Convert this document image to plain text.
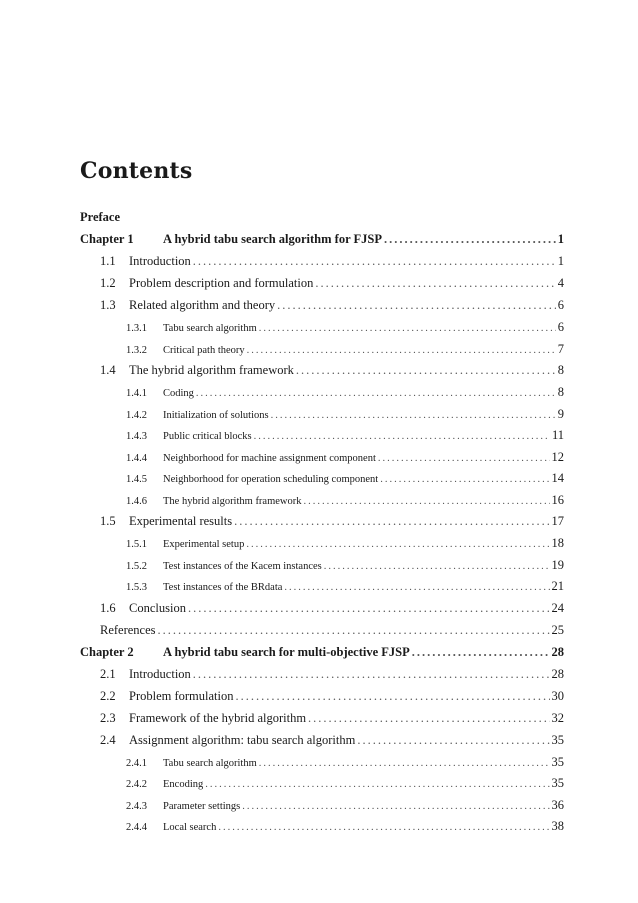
Contents
Preface
Chapter 1	A hybrid tabu search algorithm for FJSP .....	1
1.1	Introduction .....	1
1.2	Problem description and formulation .....	4
1.3	Related algorithm and theory .....	6
1.3.1	Tabu search algorithm .....	6
1.3.2	Critical path theory .....	7
1.4	The hybrid algorithm framework .....	8
1.4.1	Coding .....	8
1.4.2	Initialization of solutions .....	9
1.4.3	Public critical blocks .....	11
1.4.4	Neighborhood for machine assignment component .....	12
1.4.5	Neighborhood for operation scheduling component .....	14
1.4.6	The hybrid algorithm framework .....	16
1.5	Experimental results .....	17
1.5.1	Experimental setup .....	18
1.5.2	Test instances of the Kacem instances .....	19
1.5.3	Test instances of the BRdata .....	21
1.6	Conclusion .....	24
References .....	25
Chapter 2	A hybrid tabu search for multi-objective FJSP .....	28
2.1	Introduction .....	28
2.2	Problem formulation .....	30
2.3	Framework of the hybrid algorithm .....	32
2.4	Assignment algorithm: tabu search algorithm .....	35
2.4.1	Tabu search algorithm .....	35
2.4.2	Encoding .....	35
2.4.3	Parameter settings .....	36
2.4.4	Local search .....	38
